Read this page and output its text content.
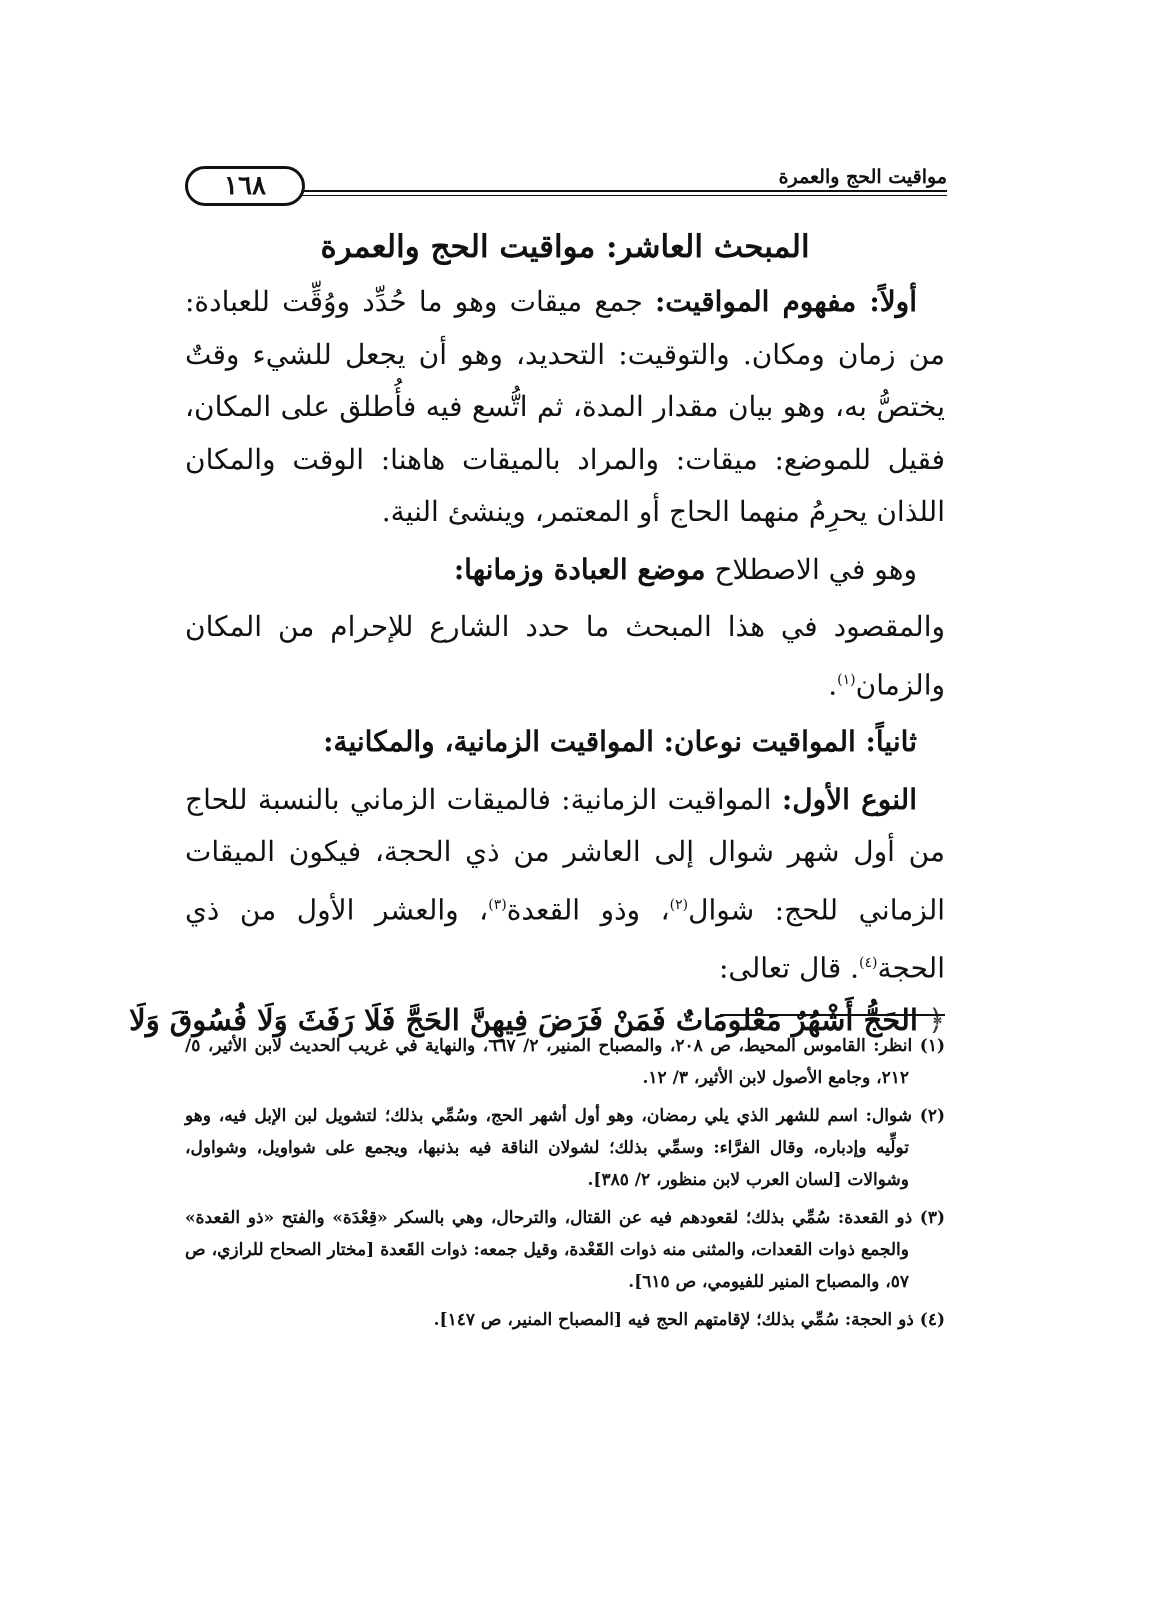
١٦٨	مواقيت الحج والعمرة
المبحث العاشر: مواقيت الحج والعمرة

أولاً: مفهوم المواقيت: جمع ميقات وهو ما حُدِّد ووُقِّت للعبادة: من زمان ومكان. والتوقيت: التحديد، وهو أن يجعل للشيء وقتٌ يختصُّ به، وهو بيان مقدار المدة، ثم اتُّسع فيه فأُطلق على المكان، فقيل للموضع: ميقات: والمراد بالميقات هاهنا: الوقت والمكان اللذان يحرِمُ منهما الحاج أو المعتمر، وينشئ النية.

وهو في الاصطلاح موضع العبادة وزمانها:

والمقصود في هذا المبحث ما حدد الشارع للإحرام من المكان والزمان$^{(١)}$.

ثانياً: المواقيت نوعان: المواقيت الزمانية، والمكانية:

النوع الأول: المواقيت الزمانية: فالميقات الزماني بالنسبة للحاج من أول شهر شوال إلى العاشر من ذي الحجة، فيكون الميقات الزماني للحج: شوال$^{(٢)}$، وذو القعدة$^{(٣)}$، والعشر الأول من ذي الحجة$^{(٤)}$. قال تعالى:

﴿ الحَجُّ أَشْهُرٌ مَعْلومَاتٌ فَمَنْ فَرَضَ فِيهِنَّ الحَجَّ فَلَا رَفَثَ وَلَا فُسُوقَ وَلَا

(١) انظر: القاموس المحيط، ص ٢٠٨، والمصباح المنير، ٢/ ٦٦٧، والنهاية في غريب الحديث لابن الأثير، ٥/ ٢١٢، وجامع الأصول لابن الأثير، ٣/ ١٢.

(٢) شوال: اسم للشهر الذي يلي رمضان، وهو أول أشهر الحج، وسُمِّي بذلك؛ لتشويل لبن الإبل فيه، وهو تولِّيه وإدباره، وقال الفرَّاء: وسمِّي بذلك؛ لشولان الناقة فيه بذنبها، ويجمع على شواويل، وشواول، وشوالات [لسان العرب لابن منظور، ٢/ ٣٨٥].

(٣) ذو القعدة: سُمِّي بذلك؛ لقعودهم فيه عن القتال، والترحال، وهي بالسكر «قِعْدَة» والفتح «ذو القعدة» والجمع ذوات القعدات، والمثنى منه ذوات القَعْدة، وقيل جمعه: ذوات القَعدة [مختار الصحاح للرازي، ص ٥٧، والمصباح المنير للفيومي، ص ٦١٥].

(٤) ذو الحجة: سُمِّي بذلك؛ لإقامتهم الحج فيه [المصباح المنير، ص ١٤٧].
